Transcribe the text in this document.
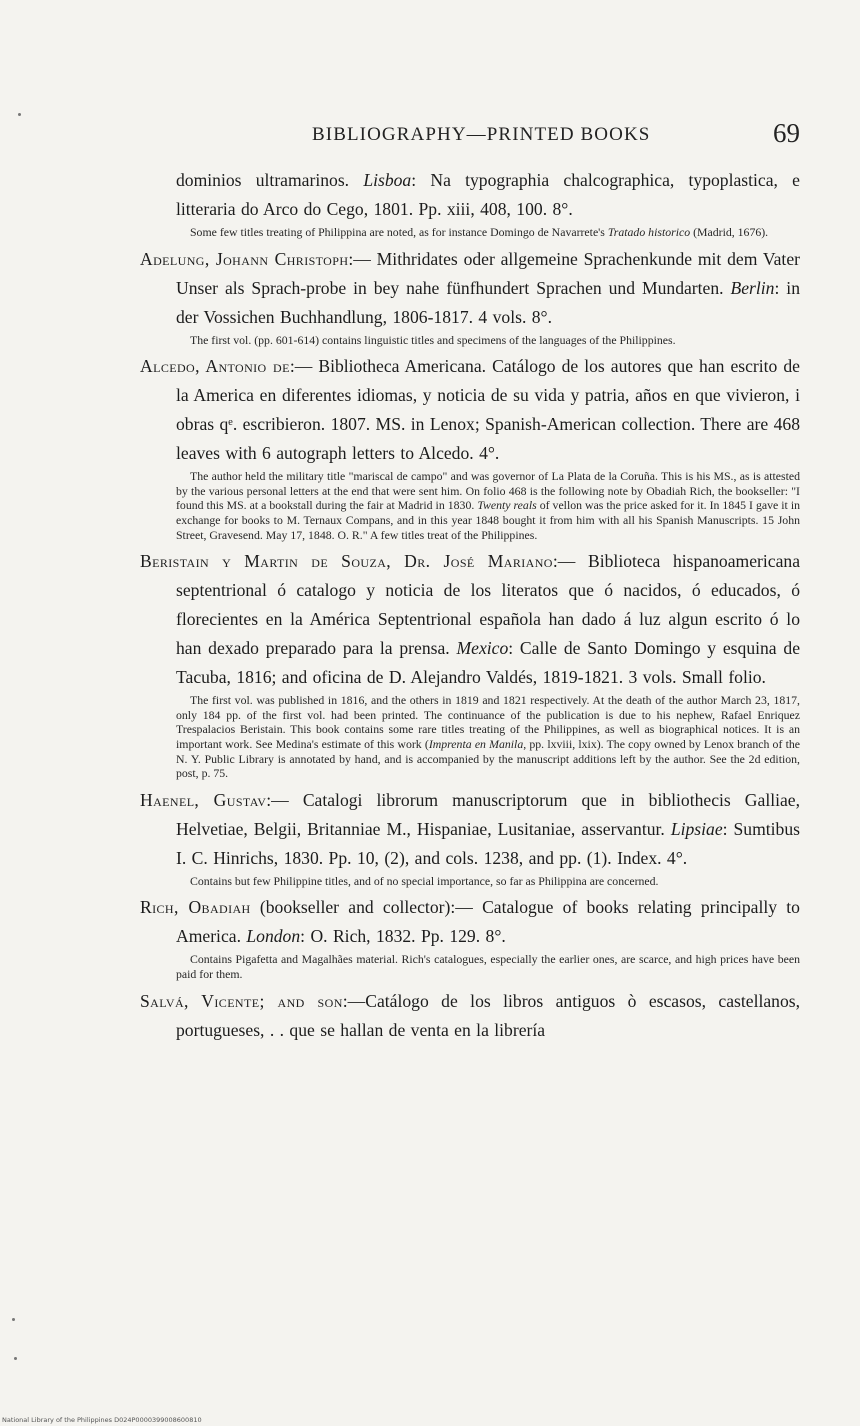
BIBLIOGRAPHY—PRINTED BOOKS	69

dominios ultramarinos. Lisboa: Na typographia chalcographica, typoplastica, e litteraria do Arco do Cego, 1801. Pp. xiii, 408, 100. 8°.

Some few titles treating of Philippina are noted, as for instance Domingo de Navarrete's Tratado historico (Madrid, 1676).

Adelung, Johann Christoph:— Mithridates oder allgemeine Sprachenkunde mit dem Vater Unser als Sprach-probe in bey nahe fünfhundert Sprachen und Mundarten. Berlin: in der Vossichen Buchhandlung, 1806-1817. 4 vols. 8°.

The first vol. (pp. 601-614) contains linguistic titles and specimens of the languages of the Philippines.

Alcedo, Antonio de:— Bibliotheca Americana. Catálogo de los autores que han escrito de la America en diferentes idiomas, y noticia de su vida y patria, años en que vivieron, i obras qᵉ. escribieron. 1807. MS. in Lenox; Spanish-American collection. There are 468 leaves with 6 autograph letters to Alcedo. 4°.

The author held the military title "mariscal de campo" and was governor of La Plata de la Coruña. This is his MS., as is attested by the various personal letters at the end that were sent him. On folio 468 is the following note by Obadiah Rich, the bookseller: "I found this MS. at a bookstall during the fair at Madrid in 1830. Twenty reals of vellon was the price asked for it. In 1845 I gave it in exchange for books to M. Ternaux Compans, and in this year 1848 bought it from him with all his Spanish Manuscripts. 15 John Street, Gravesend. May 17, 1848. O. R." A few titles treat of the Philippines.

Beristain y Martin de Souza, Dr. José Mariano:— Biblioteca hispanoamericana septentrional ó catalogo y noticia de los literatos que ó nacidos, ó educados, ó florecientes en la América Septentrional española han dado á luz algun escrito ó lo han dexado preparado para la prensa. Mexico: Calle de Santo Domingo y esquina de Tacuba, 1816; and oficina de D. Alejandro Valdés, 1819-1821. 3 vols. Small folio.

The first vol. was published in 1816, and the others in 1819 and 1821 respectively. At the death of the author March 23, 1817, only 184 pp. of the first vol. had been printed. The continuance of the publication is due to his nephew, Rafael Enriquez Trespalacios Beristain. This book contains some rare titles treating of the Philippines, as well as biographical notices. It is an important work. See Medina's estimate of this work (Imprenta en Manila, pp. lxviii, lxix). The copy owned by Lenox branch of the N. Y. Public Library is annotated by hand, and is accompanied by the manuscript additions left by the author. See the 2d edition, post, p. 75.

Haenel, Gustav:— Catalogi librorum manuscriptorum que in bibliothecis Galliae, Helvetiae, Belgii, Britanniae M., Hispaniae, Lusitaniae, asservantur. Lipsiae: Sumtibus I. C. Hinrichs, 1830. Pp. 10, (2), and cols. 1238, and pp. (1). Index. 4°.

Contains but few Philippine titles, and of no special importance, so far as Philippina are concerned.

Rich, Obadiah (bookseller and collector):— Catalogue of books relating principally to America. London: O. Rich, 1832. Pp. 129. 8°.

Contains Pigafetta and Magalhães material. Rich's catalogues, especially the earlier ones, are scarce, and high prices have been paid for them.

Salvá, Vicente; and son:—Catálogo de los libros antiguos ò escasos, castellanos, portugueses, . . que se hallan de venta en la librería

National Library of the Philippines D024P0000399008600810
